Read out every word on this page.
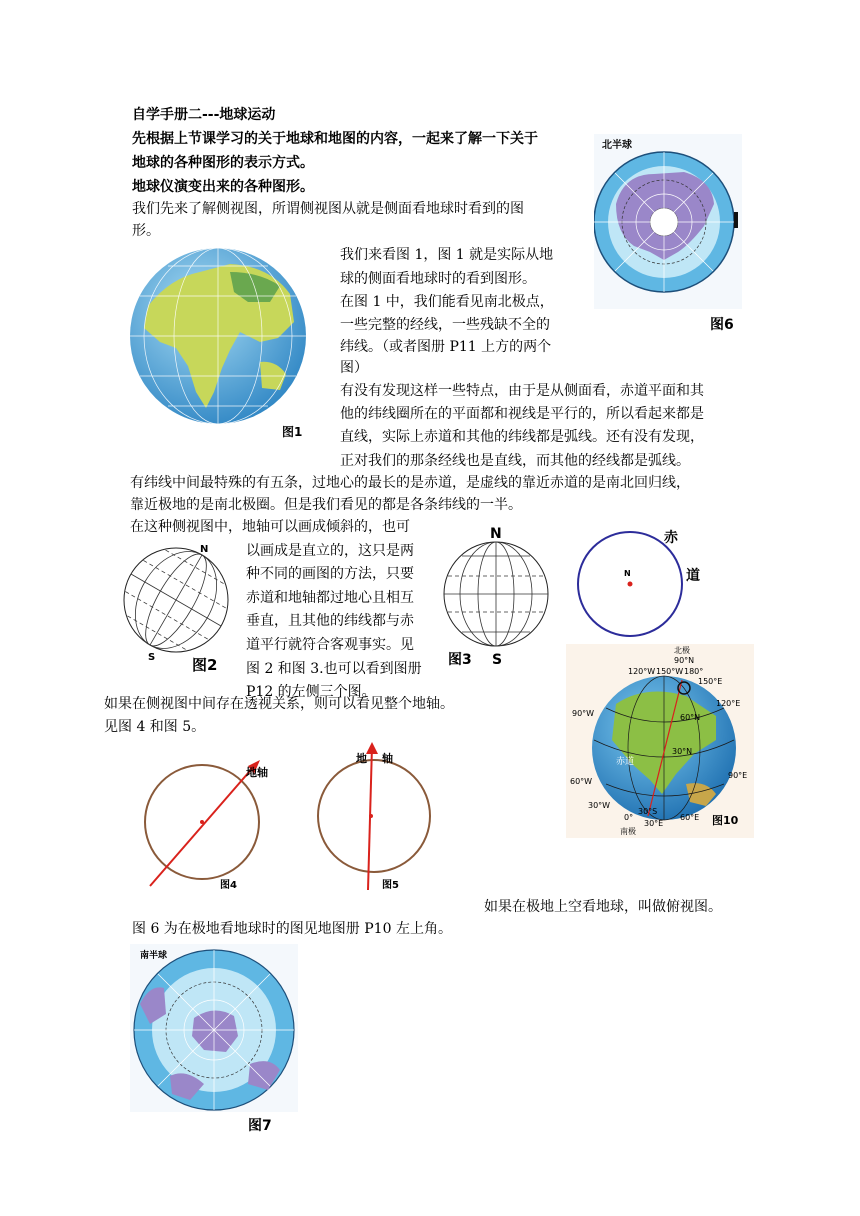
自学手册二---地球运动
先根据上节课学习的关于地球和地图的内容，一起来了解一下关于
地球的各种图形的表示方式。
地球仪演变出来的各种图形。
我们先来了解侧视图，所谓侧视图从就是侧面看地球时看到的图
形。
北半球
图6
图1
我们来看图 1，图 1 就是实际从地
球的侧面看地球时的看到图形。
在图 1 中，我们能看见南北极点，
一些完整的经线，一些残缺不全的
纬线。（或者图册 P11 上方的两个
图）
有没有发现这样一些特点，由于是从侧面看，赤道平面和其
他的纬线圈所在的平面都和视线是平行的，所以看起来都是
直线，实际上赤道和其他的纬线都是弧线。还有没有发现，
正对我们的那条经线也是直线，而其他的经线都是弧线。
有纬线中间最特殊的有五条，过地心的最长的是赤道，是虚线的靠近赤道的是南北回归线，
靠近极地的是南北极圈。但是我们看见的都是各条纬线的一半。
在这种侧视图中，地轴可以画成倾斜的，也可
N
S 图2
以画成是直立的，这只是两
种不同的画图的方法，只要
赤道和地轴都过地心且相互
垂直，且其他的纬线都与赤
道平行就符合客观事实。见
图 2 和图 3.也可以看到图册
P12 的左侧三个图。
N
图3 S
N
赤
道
北极
90°N
120°W 150°W 180°
150°E
120°E
90°W
90°E
60°W
30°W
0°
30°E
60°E
南极
30°N
30°S
60°N
赤道
图10
如果在侧视图中间存在透视关系，则可以看见整个地轴。
见图 4 和图 5。
地轴
图4
地 轴
图5
如果在极地上空看地球，叫做俯视图。
图 6 为在极地看地球时的图见地图册 P10 左上角。
南半球
图7
